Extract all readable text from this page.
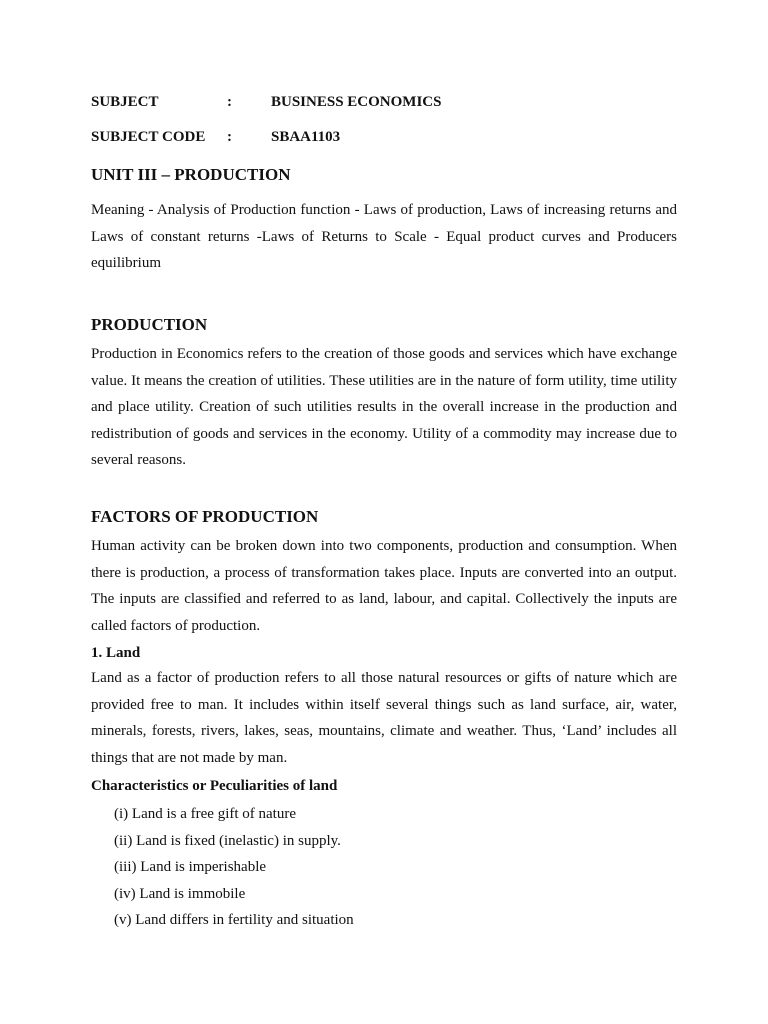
SUBJECT	:	BUSINESS ECONOMICS
SUBJECT CODE :	SBAA1103
UNIT III – PRODUCTION

Meaning - Analysis of Production function - Laws of production, Laws of increasing returns and Laws of constant returns -Laws of Returns to Scale - Equal product curves and Producers equilibrium

PRODUCTION

Production in Economics refers to the creation of those goods and services which have exchange value. It means the creation of utilities. These utilities are in the nature of form utility, time utility and place utility. Creation of such utilities results in the overall increase in the production and redistribution of goods and services in the economy. Utility of a commodity may increase due to several reasons.

FACTORS OF PRODUCTION

Human activity can be broken down into two components, production and consumption. When there is production, a process of transformation takes place. Inputs are converted into an output. The inputs are classified and referred to as land, labour, and capital. Collectively the inputs are called factors of production.

1. Land

Land as a factor of production refers to all those natural resources or gifts of nature which are provided free to man. It includes within itself several things such as land surface, air, water, minerals, forests, rivers, lakes, seas, mountains, climate and weather. Thus, ‘Land’ includes all things that are not made by man.

Characteristics or Peculiarities of land
(i) Land is a free gift of nature
(ii) Land is fixed (inelastic) in supply.
(iii) Land is imperishable
(iv) Land is immobile
(v) Land differs in fertility and situation
